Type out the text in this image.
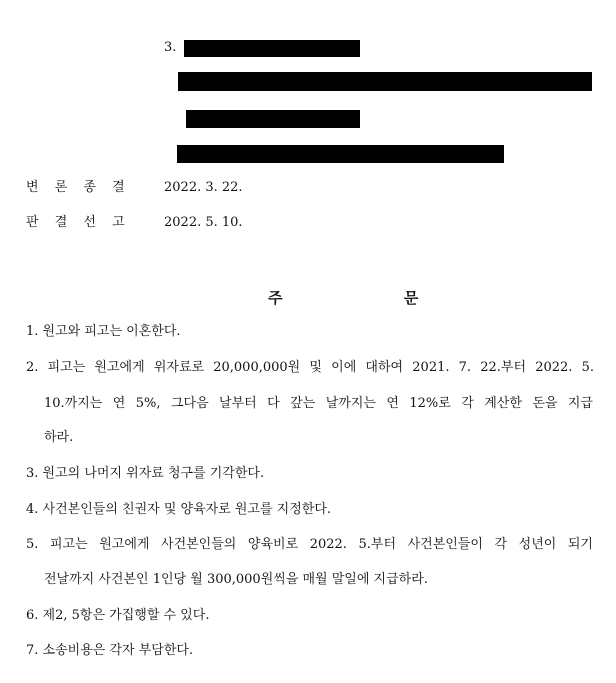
3.
변 론 종 결	2022. 3. 22.
판 결 선 고	2022. 5. 10.
주 문
1. 원고와 피고는 이혼한다.
2. 피고는 원고에게 위자료로 20,000,000원 및 이에 대하여 2021. 7. 22.부터 2022. 5.
10.까지는 연 5%, 그다음 날부터 다 갚는 날까지는 연 12%로 각 계산한 돈을 지급
하라.
3. 원고의 나머지 위자료 청구를 기각한다.
4. 사건본인들의 친권자 및 양육자로 원고를 지정한다.
5. 피고는 원고에게 사건본인들의 양육비로 2022. 5.부터 사건본인들이 각 성년이 되기
전날까지 사건본인 1인당 월 300,000원씩을 매월 말일에 지급하라.
6. 제2, 5항은 가집행할 수 있다.
7. 소송비용은 각자 부담한다.
